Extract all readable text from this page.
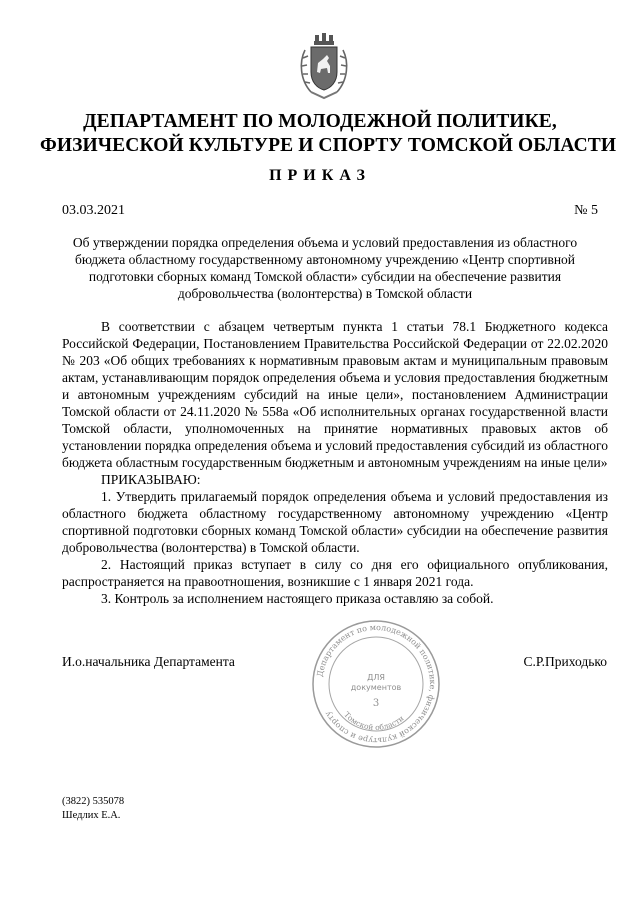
ДЕПАРТАМЕНТ ПО МОЛОДЕЖНОЙ ПОЛИТИКЕ,
ФИЗИЧЕСКОЙ КУЛЬТУРЕ И СПОРТУ ТОМСКОЙ ОБЛАСТИ
ПРИКАЗ
03.03.2021	№ 5
Об утверждении порядка определения объема и условий предоставления из областного бюджета областному государственному автономному учреждению «Центр спортивной подготовки сборных команд Томской области» субсидии на обеспечение развития добровольчества (волонтерства) в Томской области

В соответствии с абзацем четвертым пункта 1 статьи 78.1 Бюджетного кодекса Российской Федерации, Постановлением Правительства Российской Федерации от 22.02.2020 № 203 «Об общих требованиях к нормативным правовым актам и муниципальным правовым актам, устанавливающим порядок определения объема и условия предоставления бюджетным и автономным учреждениям субсидий на иные цели», постановлением Администрации Томской области от 24.11.2020 № 558а «Об исполнительных органах государственной власти Томской области, уполномоченных на принятие нормативных правовых актов об установлении порядка определения объема и условий предоставления субсидий из областного бюджета областным государственным бюджетным и автономным учреждениям на иные цели»

ПРИКАЗЫВАЮ:

1. Утвердить прилагаемый порядок определения объема и условий предоставления из областного бюджета областному государственному автономному учреждению «Центр спортивной подготовки сборных команд Томской области» субсидии на обеспечение развития добровольчества (волонтерства) в Томской области.

2. Настоящий приказ вступает в силу со дня его официального опубликования, распространяется на правоотношения, возникшие с 1 января 2021 года.

3. Контроль за исполнением настоящего приказа оставляю за собой.

И.о.начальника Департамента	С.Р.Приходько
Департамент по молодежной политике, физической культуре и спорту	Томской области
ДЛЯ
документов
3
(3822) 535078
Шедлих Е.А.
